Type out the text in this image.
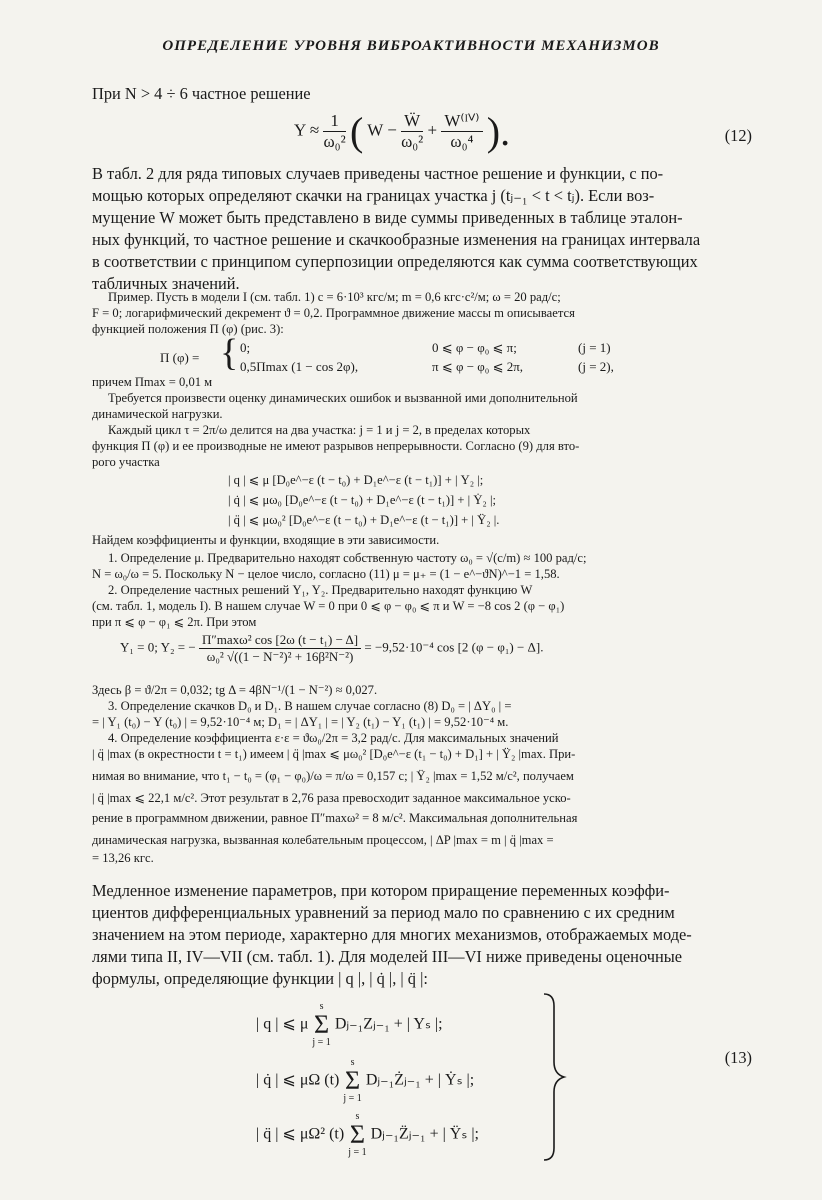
ОПРЕДЕЛЕНИЕ УРОВНЯ ВИБРОАКТИВНОСТИ МЕХАНИЗМОВ
При N > 4 ÷ 6 частное решение
$Y \approx \frac{1}{\text{ω₀²}}$ ( $W - \frac{\text{Ẅ}}{\text{ω₀²}} + \frac{\text{W⁽ᴵⱽ⁾}}{\text{ω₀⁴}}$ ).	(12)
В табл. 2 для ряда типовых случаев приведены частное решение и функции, с по-
мощью которых определяют скачки на границах участка j (tⱼ₋₁ < t < tⱼ). Если воз-
мущение W может быть представлено в виде суммы приведенных в таблице эталон-
ных функций, то частное решение и скачкообразные изменения на границах интервала
в соответствии с принципом суперпозиции определяются как сумма соответствующих
табличных значений.
Пример. Пусть в модели I (см. табл. 1) c = 6·10³ кгс/м; m = 0,6 кгс·c²/м; ω = 20 рад/с;
F = 0; логарифмический декремент ϑ = 0,2. Программное движение массы m описывается
функцией положения П (φ) (рис. 3):
П (φ) = { 0;	0 ⩽ φ − φ₀ ⩽ π;	(j = 1)
0,5Пmax (1 − cos 2φ),	π ⩽ φ − φ₀ ⩽ 2π,	(j = 2),
причем Пmax = 0,01 м
Требуется произвести оценку динамических ошибок и вызванной ими дополнительной
динамической нагрузки.
Каждый цикл τ = 2π/ω делится на два участка: j = 1 и j = 2, в пределах которых
функция П (φ) и ее производные не имеют разрывов непрерывности. Согласно (9) для вто-
рого участка
| q | ⩽ μ [D₀e^−ε (t − t₀) + D₁e^−ε (t − t₁)] + | Y₂ |;
| q̇ | ⩽ μω₀ [D₀e^−ε (t − t₀) + D₁e^−ε (t − t₁)] + | Ẏ₂ |;
| q̈ | ⩽ μω₀² [D₀e^−ε (t − t₀) + D₁e^−ε (t − t₁)] + | Ÿ₂ |.
Найдем коэффициенты и функции, входящие в эти зависимости.
1. Определение μ. Предварительно находят собственную частоту ω₀ = √(c/m) ≈ 100 рад/с;
N = ω₀/ω = 5. Поскольку N − целое число, согласно (11) μ = μ₊ = (1 − e^−ϑN)^−1 = 1,58.
2. Определение частных решений Y₁, Y₂. Предварительно находят функцию W
(см. табл. 1, модель I). В нашем случае W = 0 при 0 ⩽ φ − φ₀ ⩽ π и W = −8 cos 2 (φ − φ₁)
при π ⩽ φ − φ₁ ⩽ 2π. При этом
Y₁ = 0; Y₂ = − $\frac{\text{П″maxω² cos [2ω (t − t₁) − Δ]}}{\text{ω₀² √((1 − N⁻²)² + 16β²N⁻²)}} = -9,52\cdot 10^{-4}$ cos [2 (φ − φ₁) − Δ].
Здесь β = ϑ/2π = 0,032; tg Δ = 4βN⁻¹/(1 − N⁻²) ≈ 0,027.
3. Определение скачков D₀ и D₁. В нашем случае согласно (8) D₀ = | ΔY₀ | =
= | Y₁ (t₀) − Y (t₀) | = 9,52·10⁻⁴ м; D₁ = | ΔY₁ | = | Y₂ (t₁) − Y₁ (t₁) | = 9,52·10⁻⁴ м.
4. Определение коэффициента ε·ε = ϑω₀/2π = 3,2 рад/с. Для максимальных значений
| q̈ |max (в окрестности t = t₁) имеем | q̈ |max ⩽ μω₀² [D₀e^−ε (t₁ − t₀) + D₁] + | Ÿ₂ |max. При-
нимая во внимание, что t₁ − t₀ = (φ₁ − φ₀)/ω = π/ω = 0,157 с; | Ÿ₂ |max = 1,52 м/с², получаем
| q̈ |max ⩽ 22,1 м/с². Этот результат в 2,76 раза превосходит заданное максимальное уско-
рение в программном движении, равное П″maxω² = 8 м/с². Максимальная дополнительная
динамическая нагрузка, вызванная колебательным процессом, | ΔP |max = m | q̈ |max =
= 13,26 кгс.
Медленное изменение параметров, при котором приращение переменных коэффи-
циентов дифференциальных уравнений за период мало по сравнению с их средним
значением на этом периоде, характерно для многих механизмов, отображаемых моде-
лями типа II, IV—VII (см. табл. 1). Для моделей III—VI ниже приведены оценочные
формулы, определяющие функции | q |, | q̇ |, | q̈ |:
| q | ⩽ μ
s
Σ
j = 1
Dⱼ₋₁Zⱼ₋₁ + | Yₛ |;
| q̇ | ⩽ μΩ (t)
s
Σ
j = 1
Dⱼ₋₁Żⱼ₋₁ + | Ẏₛ |;
| q̈ | ⩽ μΩ² (t)
s
Σ
j = 1
Dⱼ₋₁Z̈ⱼ₋₁ + | Ÿₛ |;
(13)
